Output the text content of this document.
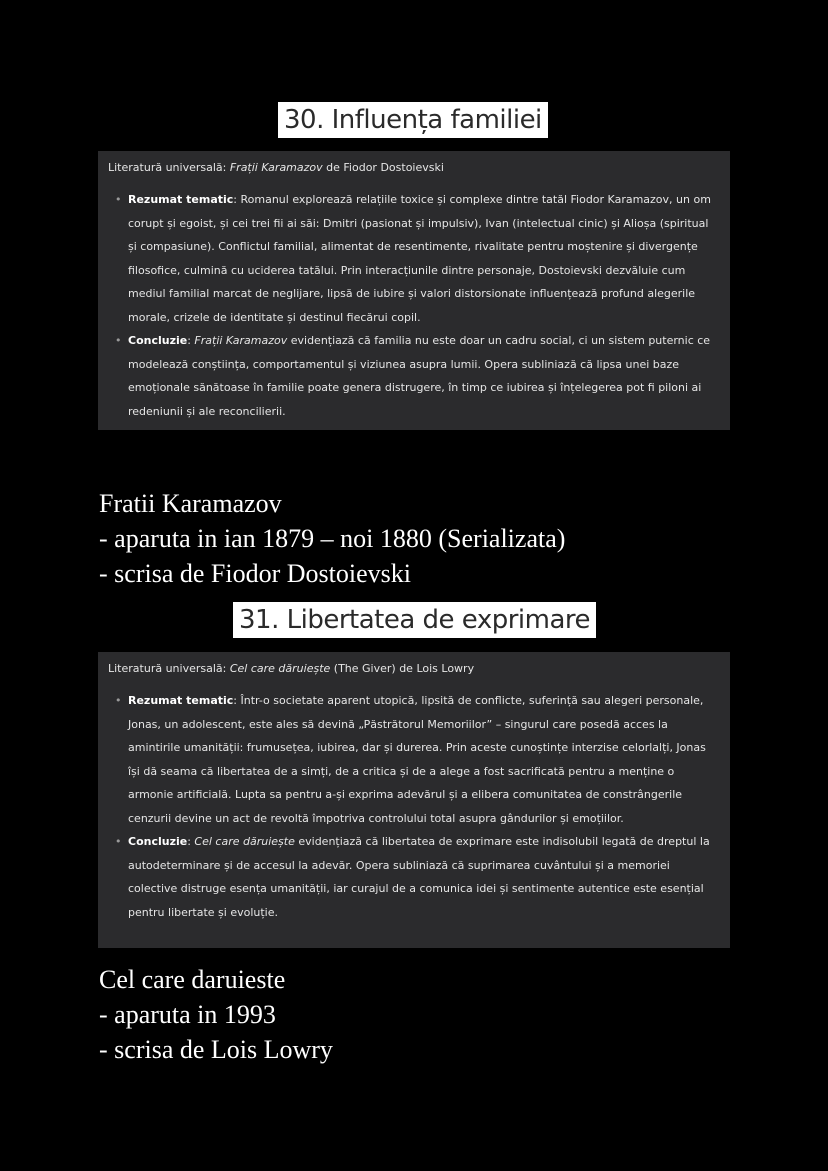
30. Influența familiei
Literatură universală: Frații Karamazov de Fiodor Dostoievski
• Rezumat tematic: Romanul explorează relațiile toxice și complexe dintre tatăl Fiodor Karamazov, un om corupt și egoist, și cei trei fii ai săi: Dmitri (pasionat și impulsiv), Ivan (intelectual cinic) și Alioșa (spiritual și compasiune). Conflictul familial, alimentat de resentimente, rivalitate pentru moștenire și divergențe filosofice, culmină cu uciderea tatălui. Prin interacțiunile dintre personaje, Dostoievski dezvăluie cum mediul familial marcat de neglijare, lipsă de iubire și valori distorsionate influențează profund alegerile morale, crizele de identitate și destinul fiecărui copil.
• Concluzie: Frații Karamazov evidențiază că familia nu este doar un cadru social, ci un sistem puternic ce modelează conștiința, comportamentul și viziunea asupra lumii. Opera subliniază că lipsa unei baze emoționale sănătoase în familie poate genera distrugere, în timp ce iubirea și înțelegerea pot fi piloni ai redeniunii și ale reconcilierii.
Fratii Karamazov
- aparuta in ian 1879 – noi 1880 (Serializata)
- scrisa de Fiodor Dostoievski
31. Libertatea de exprimare
Literatură universală: Cel care dăruiește (The Giver) de Lois Lowry
• Rezumat tematic: Într-o societate aparent utopică, lipsită de conflicte, suferință sau alegeri personale, Jonas, un adolescent, este ales să devină „Păstrătorul Memoriilor” – singurul care posedă acces la amintirile umanității: frumusețea, iubirea, dar și durerea. Prin aceste cunoștințe interzise celorlalți, Jonas își dă seama că libertatea de a simți, de a critica și de a alege a fost sacrificată pentru a menține o armonie artificială. Lupta sa pentru a-și exprima adevărul și a elibera comunitatea de constrângerile cenzurii devine un act de revoltă împotriva controlului total asupra gândurilor și emoțiilor.
• Concluzie: Cel care dăruiește evidențiază că libertatea de exprimare este indisolubil legată de dreptul la autodeterminare și de accesul la adevăr. Opera subliniază că suprimarea cuvântului și a memoriei colective distruge esența umanității, iar curajul de a comunica idei și sentimente autentice este esențial pentru libertate și evoluție.
Cel care daruieste
- aparuta in 1993
- scrisa de Lois Lowry
